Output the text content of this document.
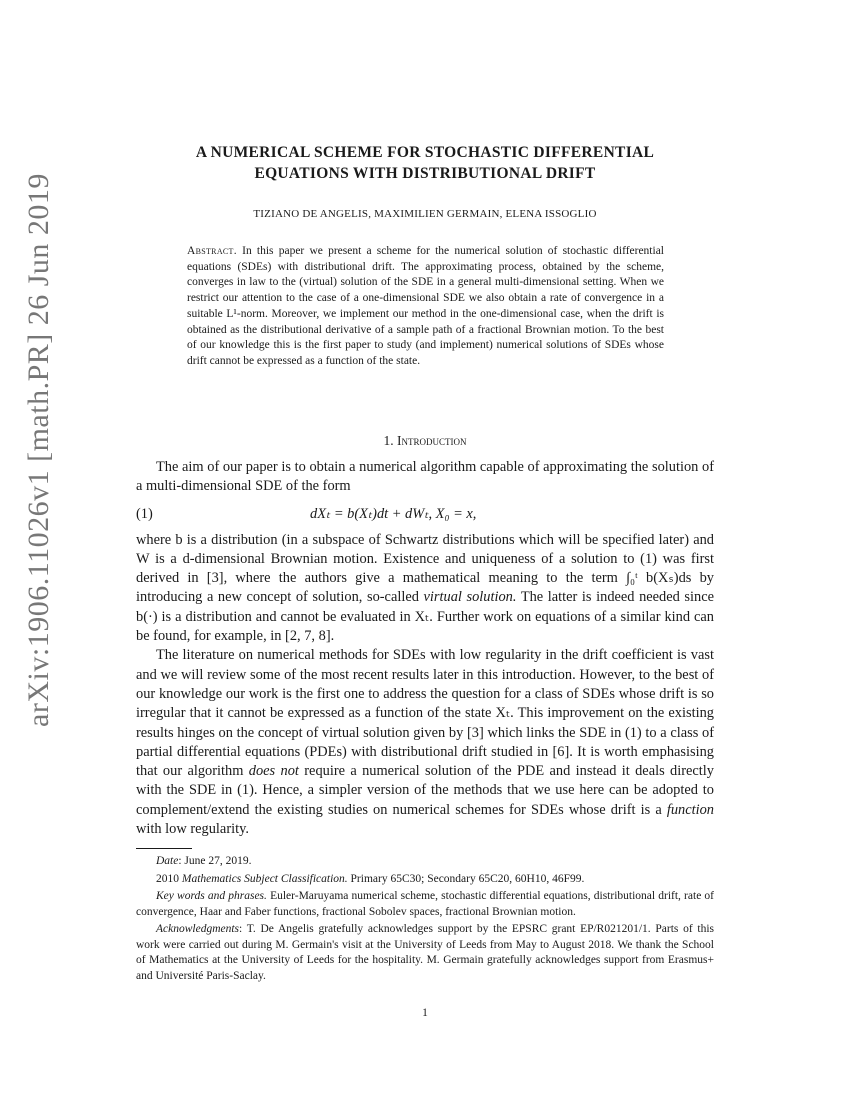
arXiv:1906.11026v1 [math.PR] 26 Jun 2019
A NUMERICAL SCHEME FOR STOCHASTIC DIFFERENTIAL
EQUATIONS WITH DISTRIBUTIONAL DRIFT
TIZIANO DE ANGELIS, MAXIMILIEN GERMAIN, ELENA ISSOGLIO
Abstract. In this paper we present a scheme for the numerical solution of stochastic differential equations (SDEs) with distributional drift. The approximating process, obtained by the scheme, converges in law to the (virtual) solution of the SDE in a general multi-dimensional setting. When we restrict our attention to the case of a one-dimensional SDE we also obtain a rate of convergence in a suitable L¹-norm. Moreover, we implement our method in the one-dimensional case, when the drift is obtained as the distributional derivative of a sample path of a fractional Brownian motion. To the best of our knowledge this is the first paper to study (and implement) numerical solutions of SDEs whose drift cannot be expressed as a function of the state.
1. Introduction

The aim of our paper is to obtain a numerical algorithm capable of approximating the solution of a multi-dimensional SDE of the form

(1)	dXₜ = b(Xₜ)dt + dWₜ, X₀ = x,

where b is a distribution (in a subspace of Schwartz distributions which will be specified later) and W is a d-dimensional Brownian motion. Existence and uniqueness of a solution to (1) was first derived in [3], where the authors give a mathematical meaning to the term ∫₀ᵗ b(Xₛ)ds by introducing a new concept of solution, so-called virtual solution. The latter is indeed needed since b(·) is a distribution and cannot be evaluated in Xₜ. Further work on equations of a similar kind can be found, for example, in [2, 7, 8].

The literature on numerical methods for SDEs with low regularity in the drift coefficient is vast and we will review some of the most recent results later in this introduction. However, to the best of our knowledge our work is the first one to address the question for a class of SDEs whose drift is so irregular that it cannot be expressed as a function of the state Xₜ. This improvement on the existing results hinges on the concept of virtual solution given by [3] which links the SDE in (1) to a class of partial differential equations (PDEs) with distributional drift studied in [6]. It is worth emphasising that our algorithm does not require a numerical solution of the PDE and instead it deals directly with the SDE in (1). Hence, a simpler version of the methods that we use here can be adopted to complement/extend the existing studies on numerical schemes for SDEs whose drift is a function with low regularity.

Date: June 27, 2019.

2010 Mathematics Subject Classification. Primary 65C30; Secondary 65C20, 60H10, 46F99.

Key words and phrases. Euler-Maruyama numerical scheme, stochastic differential equations, distributional drift, rate of convergence, Haar and Faber functions, fractional Sobolev spaces, fractional Brownian motion.

Acknowledgments: T. De Angelis gratefully acknowledges support by the EPSRC grant EP/R021201/1. Parts of this work were carried out during M. Germain's visit at the University of Leeds from May to August 2018. We thank the School of Mathematics at the University of Leeds for the hospitality. M. Germain gratefully acknowledges support from Erasmus+ and Université Paris-Saclay.

1
